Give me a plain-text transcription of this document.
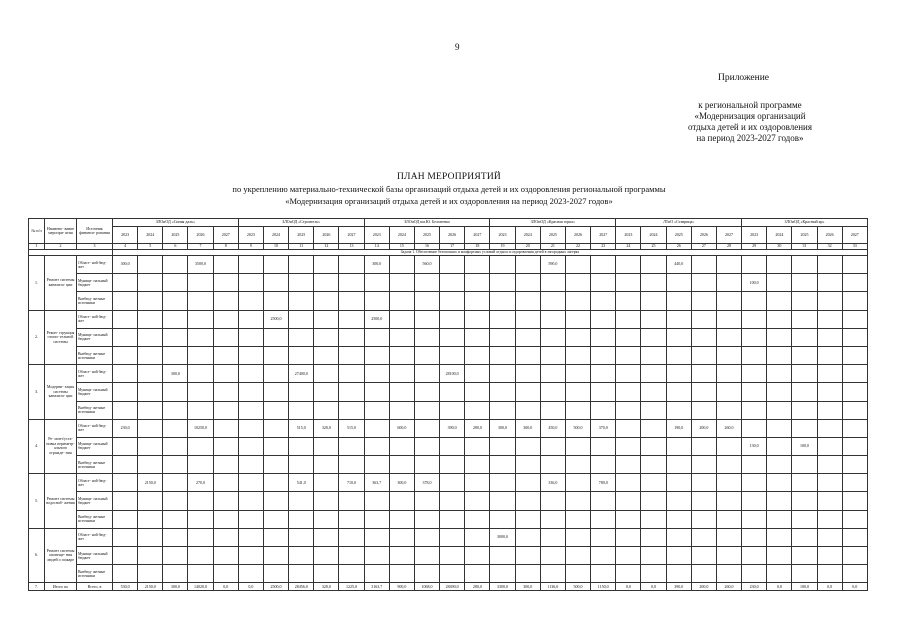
9
Приложение
к региональной программе
«Модернизация организаций
отдыха детей и их оздоровления
на период 2023-2027 годов»
ПЛАН МЕРОПРИЯТИЙ
по укреплению материально-технической базы организаций отдыха детей и их оздоровления региональной программы
«Модернизация организаций отдыха детей и их оздоровления на период 2023-2027 годов»
№ п/п	Наимено- вание меропри- ятия	Источник финанси- рования	ЗЛОиОД «Синяя даль»					ЗЛОиОД «Строитель»					ЗЛОиОД им.Ю. Белоненко					ЗЛОиОД «Красная горка»					ЛТиО «Ставрица»					ЗЛОиОД «Красный яр»				
			2023	2024	2025	2026	2027	2023	2024	2025	2026	2027	2023	2024	2025	2026	2027	2023	2024	2025	2026	2027	2023	2024	2025	2026	2027	2023	2024	2025	2026	2027
1	2	3	4	5	6	7	8	9	10	11	12	13	14	15	16	17	18	19	20	21	22	23	24	25	26	27	28	29	30	31	32	33
			Задача 1. Обеспечение безопасных и комфортных условий отдыха и оздоровления детей в загородных лагерях																													
1.	Ремонт системы канализа- ции	Област- ной бюд- жет	300,0			3500,0							300,0		560,0					590,0					440,0							
		Муници- пальный бюджет																										100,0				
		Внебюд- жетные источники																														
2.	Рекон- струкция отопи- тельной системы	Област- ной бюд- жет							2500,0				2500,0																			
		Муници- пальный бюджет																														
		Внебюд- жетные источники																														
3.	Модерни- зация системы канализа- ции	Област- ной бюд- жет			300,0					27400,0						28100,0																
		Муници- пальный бюджет																														
		Внебюд- жетные источники																														
4.	Ре- монт/уста- новка периметр- ального огражде- ния	Област- ной бюд- жет	230,0			10250,0				515,0	320,0	515,0		600,0		390,0	280,0	300,0	300,0	450,0	500,0	370,0			190,0	200,0	260,0					
		Муници- пальный бюджет																										130,0		100,0		
		Внебюд- жетные источники																														
5.	Ремонт системы водоснаб- жения	Област- ной бюд- жет		2150,0		270,0				541,0		710,0	363,7	300,0	378,0					336,0		780,0										
		Муници- пальный бюджет																														
		Внебюд- жетные источники																														
6.	Ремонт системы оповеще- ния людей о пожаре	Област- ной бюд- жет																3000,0														
		Муници- пальный бюджет																														
		Внебюд- жетные источники																														
7.	Итого по	Всего, в	530,0	2150,0	300,0	14020,0	0,0	0,0	2500,0	28456,0	320,0	1225,0	3163,7	900,0	1068,0	28490,0	280,0	3300,0	300,0	1136,0	500,0	1150,0	0,0	0,0	390,0	200,0	260,0	230,0	0,0	100,0	0,0	0,0
